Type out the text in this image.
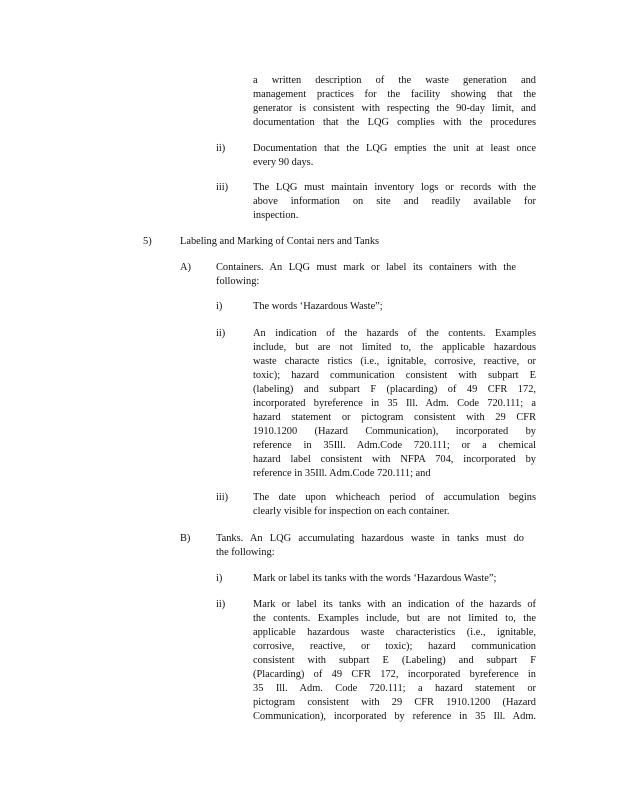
a written description of the waste generation and
management practices for the facility showing that the
generator is consistent with respecting the 90-day limit, and
documentation that the LQG complies with the procedures
ii)	Documentation that the LQG empties the unit at least once
every 90 days.
iii) The LQG must maintain inventory logs or records with the
above information on site and readily available for
inspection.
5)	Labeling and Marking of Contai ners and Tanks
A) Containers. An LQG must mark or label its containers with the
following:
i)	The words ‘Hazardous Waste”;
ii)	An indication of the hazards of the contents. Examples
include, but are not limited to, the applicable hazardous
waste characte ristics (i.e., ignitable, corrosive, reactive, or
toxic); hazard communication consistent with subpart E
(labeling) and subpart F (placarding) of 49 CFR 172,
incorporated byreference in 35 Ill. Adm. Code 720.111; a
hazard statement or pictogram consistent with 29 CFR
1910.1200 (Hazard Communication), incorporated by
reference in 35Ill. Adm.Code 720.111; or a chemical
hazard label consistent with NFPA 704, incorporated by
reference in 35Ill. Adm.Code 720.111; and
iii) The date upon whicheach period of accumulation begins
clearly visible for inspection on each container.
B) Tanks. An LQG accumulating hazardous waste in tanks must do
the following:
i)	Mark or label its tanks with the words ‘Hazardous Waste”;
ii)	Mark or label its tanks with an indication of the hazards of
the contents. Examples include, but are not limited to, the
applicable hazardous waste characteristics (i.e., ignitable,
corrosive, reactive, or toxic); hazard communication
consistent with subpart E (Labeling) and subpart F
(Placarding) of 49 CFR 172, incorporated byreference in
35 Ill. Adm. Code 720.111; a hazard statement or
pictogram consistent with 29 CFR 1910.1200 (Hazard
Communication), incorporated by reference in 35 Ill. Adm.
